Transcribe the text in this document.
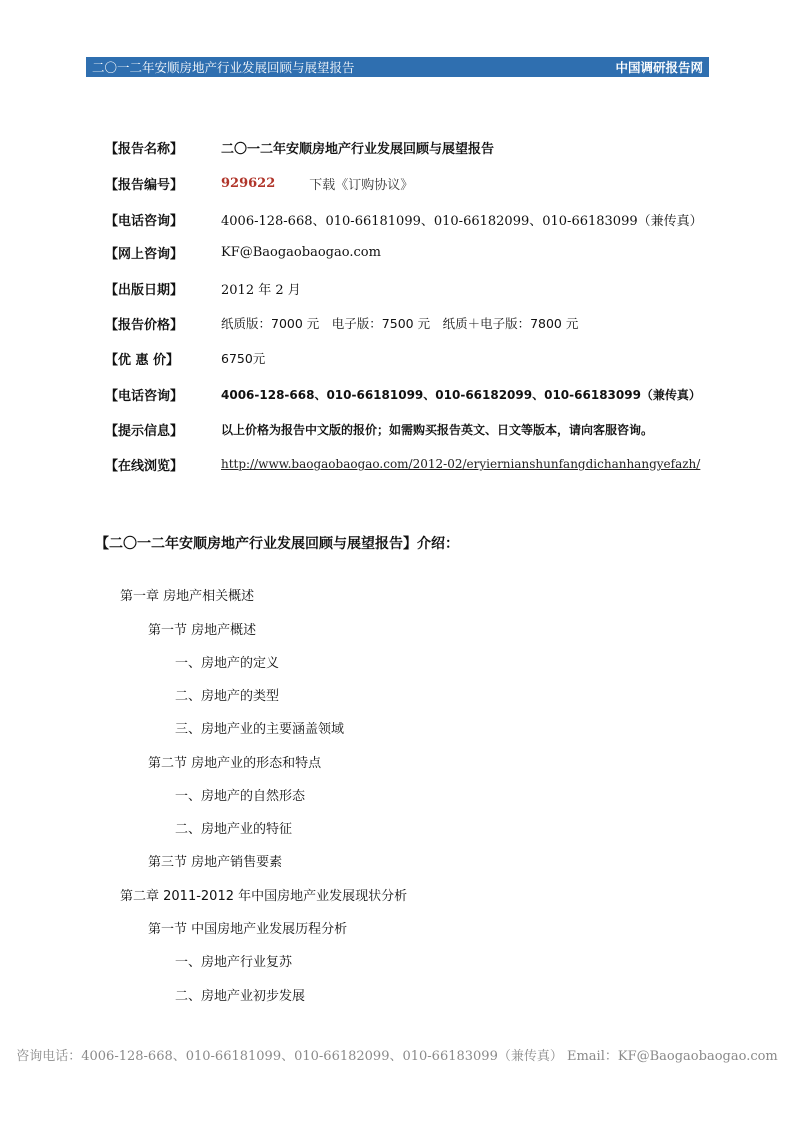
二〇一二年安顺房地产行业发展回顾与展望报告	中国调研报告网
【报告名称】	二〇一二年安顺房地产行业发展回顾与展望报告
【报告编号】	929622	下载《订购协议》
【电话咨询】	4006-128-668、010-66181099、010-66182099、010-66183099（兼传真）
【网上咨询】	KF@Baogaobaogao.com
【出版日期】	2012 年 2 月
【报告价格】	纸质版：7000 元　电子版：7500 元　纸质＋电子版：7800 元
【优 惠 价】	6750元
【电话咨询】	4006-128-668、010-66181099、010-66182099、010-66183099（兼传真）
【提示信息】	以上价格为报告中文版的报价；如需购买报告英文、日文等版本，请向客服咨询。
【在线浏览】	http://www.baogaobaogao.com/2012-02/eryiernianshunfangdichanhangyefazh/
【二〇一二年安顺房地产行业发展回顾与展望报告】介绍：
第一章 房地产相关概述
第一节 房地产概述
一、房地产的定义
二、房地产的类型
三、房地产业的主要涵盖领域
第二节 房地产业的形态和特点
一、房地产的自然形态
二、房地产业的特征
第三节 房地产销售要素
第二章 2011-2012 年中国房地产业发展现状分析
第一节 中国房地产业发展历程分析
一、房地产行业复苏
二、房地产业初步发展
咨询电话：4006-128-668、010-66181099、010-66182099、010-66183099（兼传真） Email：KF@Baogaobaogao.com
